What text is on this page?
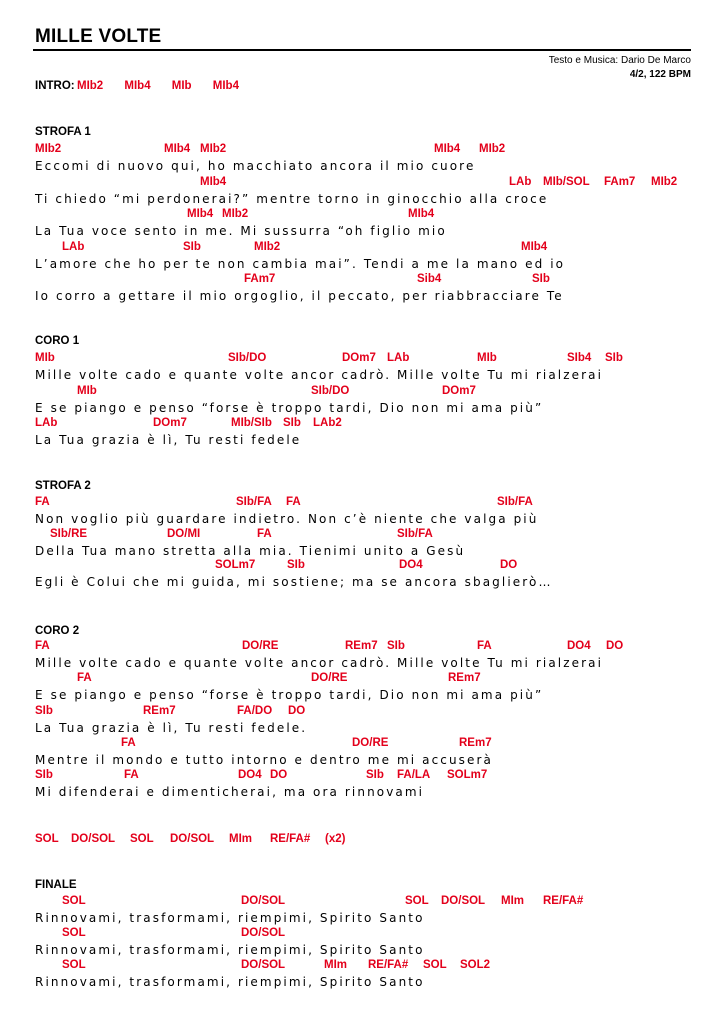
MILLE VOLTE
Testo e Musica: Dario De Marco
4/2, 122 BPM
INTRO: MIb2 MIb4 MIb MIb4
STROFA 1
MIb2	MIb4 MIb2	MIb4 MIb2
Eccomi di nuovo qui, ho macchiato ancora il mio cuore
MIb4	LAb MIb/SOL FAm7 MIb2
Ti chiedo “mi perdonerai?” mentre torno in ginocchio alla croce
MIb4 MIb2	MIb4
La Tua voce sento in me. Mi sussurra “oh figlio mio
LAb	SIb	MIb2	MIb4
L’amore che ho per te non cambia mai”. Tendi a me la mano ed io
FAm7	Sib4	SIb
Io corro a gettare il mio orgoglio, il peccato, per riabbracciare Te
CORO 1
MIb	SIb/DO	DOm7 LAb	MIb	SIb4 SIb
Mille volte cado e quante volte ancor cadrò. Mille volte Tu mi rialzerai
MIb	SIb/DO	DOm7
E se piango e penso “forse è troppo tardi, Dio non mi ama più”
LAb	DOm7	MIb/SIb SIb LAb2
La Tua grazia è lì, Tu resti fedele
STROFA 2
FA	SIb/FA FA	SIb/FA
Non voglio più guardare indietro. Non c’è niente che valga più
SIb/RE	DO/MI	FA	SIb/FA
Della Tua mano stretta alla mia. Tienimi unito a Gesù
SOLm7	SIb	DO4	DO
Egli è Colui che mi guida, mi sostiene; ma se ancora sbaglierò…
CORO 2
FA	DO/RE	REm7 SIb	FA	DO4 DO
Mille volte cado e quante volte ancor cadrò. Mille volte Tu mi rialzerai
FA	DO/RE	REm7
E se piango e penso “forse è troppo tardi, Dio non mi ama più”
SIb	REm7	FA/DO DO
La Tua grazia è lì, Tu resti fedele.
FA	DO/RE	REm7
Mentre il mondo e tutto intorno e dentro me mi accuserà
SIb	FA	DO4 DO	SIb FA/LA SOLm7
Mi difenderai e dimenticherai, ma ora rinnovami
FINALE
SOL	DO/SOL	SOL DO/SOL MIm RE/FA#
Rinnovami, trasformami, riempimi, Spirito Santo
SOL	DO/SOL
Rinnovami, trasformami, riempimi, Spirito Santo
SOL	DO/SOL	MIm RE/FA# SOL SOL2
Rinnovami, trasformami, riempimi, Spirito Santo
SOL DO/SOL SOL DO/SOL MIm RE/FA# (x2)
